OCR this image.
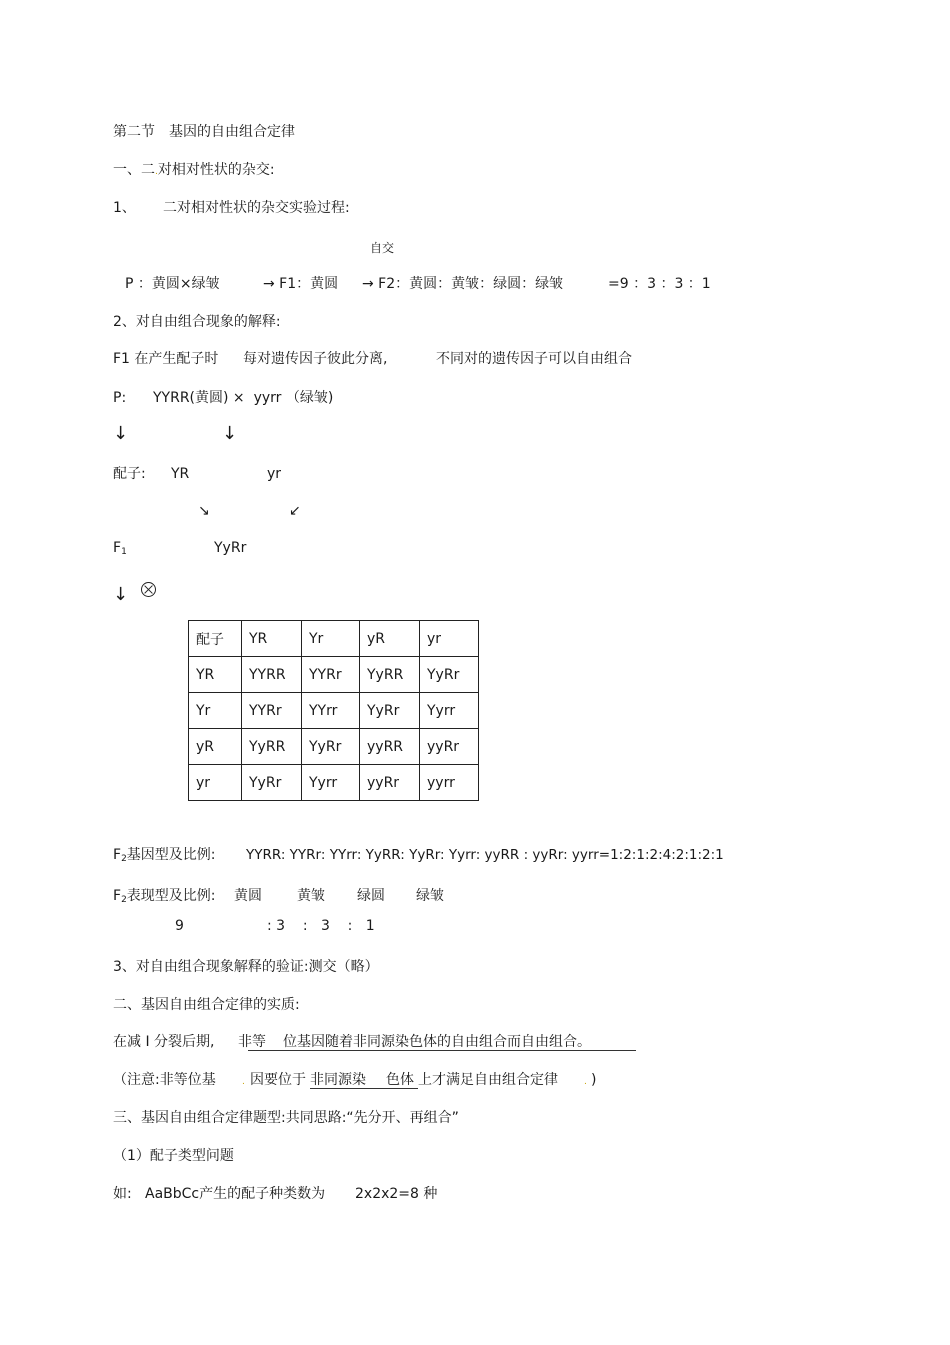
第二节　基因的自由组合定律
一、二.对相对性状的杂交:
1、 二对相对性状的杂交实验过程:
自交
P ：黄圆×绿皱	→ F1：黄圆 → F2：黄圆：黄皱：绿圆：绿皱	=9 ：3 ：3 ：1
2、对自由组合现象的解释:
F1 在产生配子时 每对遗传因子彼此分离,	不同对的遗传因子可以自由组合
P: YYRR(黄圆) ×  yyrr （绿皱)
↓	↓
配子: YR	yr
↘	↙
$F_1$	YyRr
↓
配子	YR	Yr	yR	yr
YR	YYRR	YYRr	YyRR	YyRr
Yr	YYRr	YYrr	YyRr	Yyrr
yR	YyRR	YyRr	yyRR	yyRr
yr	YyRr	Yyrr	yyRr	yyrr
$F_2$基因型及比例: YYRR: YYRr: YYrr: YyRR: YyRr: Yyrr: yyRR : yyRr: yyrr=1:2:1:2:4:2:1:2:1
$F_2$表现型及比例: 黄圆	黄皱 绿圆 绿皱
9	: 3    :   3    :   1
3、对自由组合现象解释的验证:测交（略）
二、基因自由组合定律的实质:
在减 Ⅰ 分裂后期, 非等 位基因随着非同源染色体的自由组合而自由组合。
（注意:非等位基	. 因要位于 非同源染 色体 上才满足自由组合定律	. )
三、基因自由组合定律题型:共同思路:“先分开、再组合”
（1）配子类型问题
如: AaBbCc产生的配子种类数为 2x2x2=8 种
